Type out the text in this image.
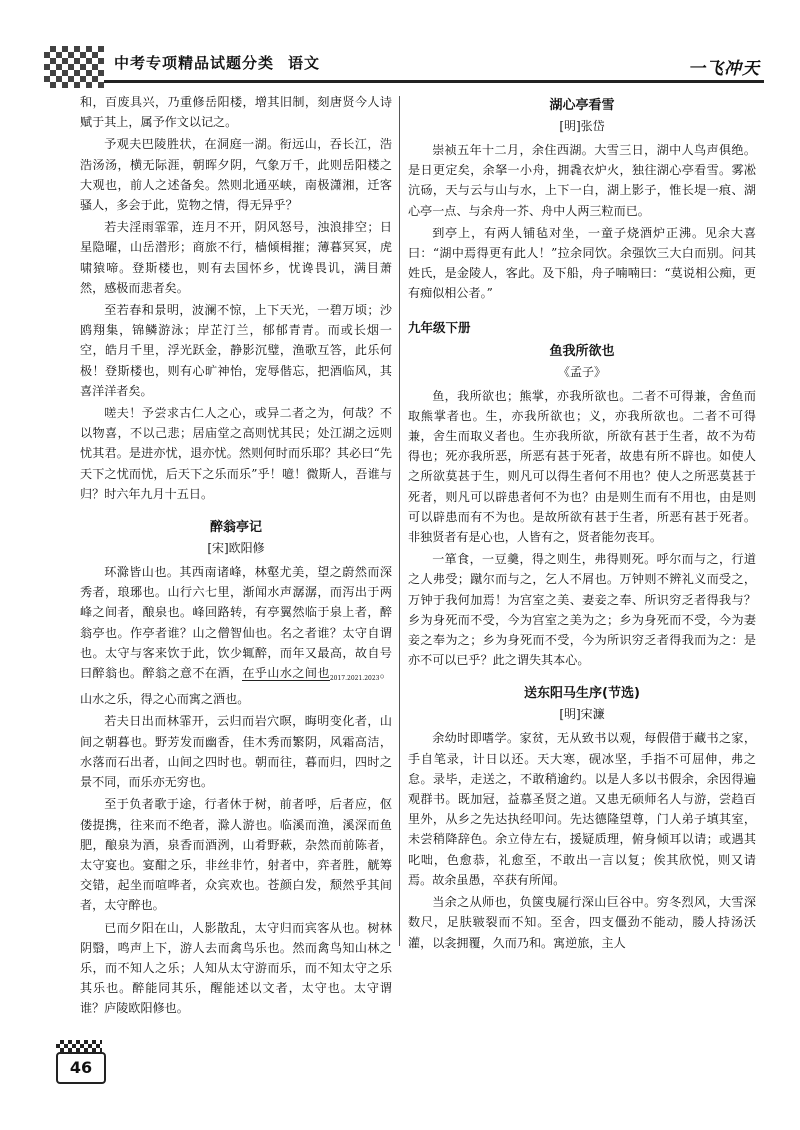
中考专项精品试题分类 语文	一飞冲天

和，百废具兴，乃重修岳阳楼，增其旧制，刻唐贤今人诗赋于其上，属予作文以记之。

予观夫巴陵胜状，在洞庭一湖。衔远山，吞长江，浩浩汤汤，横无际涯，朝晖夕阴，气象万千，此则岳阳楼之大观也，前人之述备矣。然则北通巫峡，南极潇湘，迁客骚人，多会于此，览物之情，得无异乎？

若夫淫雨霏霏，连月不开，阴风怒号，浊浪排空；日星隐曜，山岳潜形；商旅不行，樯倾楫摧；薄暮冥冥，虎啸猿啼。登斯楼也，则有去国怀乡，忧谗畏讥，满目萧然，感极而悲者矣。

至若春和景明，波澜不惊，上下天光，一碧万顷；沙鸥翔集，锦鳞游泳；岸芷汀兰，郁郁青青。而或长烟一空，皓月千里，浮光跃金，静影沉璧，渔歌互答，此乐何极！登斯楼也，则有心旷神怡，宠辱偕忘，把酒临风，其喜洋洋者矣。

嗟夫！予尝求古仁人之心，或异二者之为，何哉？不以物喜，不以己悲；居庙堂之高则忧其民；处江湖之远则忧其君。是进亦忧，退亦忧。然则何时而乐耶？其必曰“先天下之忧而忧，后天下之乐而乐”乎！噫！微斯人，吾谁与归？时六年九月十五日。

醉翁亭记
[宋]欧阳修

环滁皆山也。其西南诸峰，林壑尤美，望之蔚然而深秀者，琅琊也。山行六七里，渐闻水声潺潺，而泻出于两峰之间者，酿泉也。峰回路转，有亭翼然临于泉上者，醉翁亭也。作亭者谁？山之僧智仙也。名之者谁？太守自谓也。太守与客来饮于此，饮少辄醉，而年又最高，故自号曰醉翁也。醉翁之意不在酒，在乎山水之间也$^{2017.2021.2023}$。山水之乐，得之心而寓之酒也。

若夫日出而林霏开，云归而岩穴暝，晦明变化者，山间之朝暮也。野芳发而幽香，佳木秀而繁阴，风霜高洁，水落而石出者，山间之四时也。朝而往，暮而归，四时之景不同，而乐亦无穷也。

至于负者歌于途，行者休于树，前者呼，后者应，伛偻提携，往来而不绝者，滁人游也。临溪而渔，溪深而鱼肥，酿泉为酒，泉香而酒洌，山肴野蔌，杂然而前陈者，太守宴也。宴酣之乐，非丝非竹，射者中，弈者胜，觥筹交错，起坐而喧哗者，众宾欢也。苍颜白发，颓然乎其间者，太守醉也。

已而夕阳在山，人影散乱，太守归而宾客从也。树林阴翳，鸣声上下，游人去而禽鸟乐也。然而禽鸟知山林之乐，而不知人之乐；人知从太守游而乐，而不知太守之乐其乐也。醉能同其乐，醒能述以文者，太守也。太守谓谁？庐陵欧阳修也。

湖心亭看雪
[明]张岱

崇祯五年十二月，余住西湖。大雪三日，湖中人鸟声俱绝。是日更定矣，余拏一小舟，拥毳衣炉火，独往湖心亭看雪。雾凇沆砀，天与云与山与水，上下一白，湖上影子，惟长堤一痕、湖心亭一点、与余舟一芥、舟中人两三粒而已。

到亭上，有两人铺毡对坐，一童子烧酒炉正沸。见余大喜曰：“湖中焉得更有此人！”拉余同饮。余强饮三大白而别。问其姓氏，是金陵人，客此。及下船，舟子喃喃曰：“莫说相公痴，更有痴似相公者。”

九年级下册
鱼我所欲也
《孟子》

鱼，我所欲也；熊掌，亦我所欲也。二者不可得兼，舍鱼而取熊掌者也。生，亦我所欲也；义，亦我所欲也。二者不可得兼，舍生而取义者也。生亦我所欲，所欲有甚于生者，故不为苟得也；死亦我所恶，所恶有甚于死者，故患有所不辟也。如使人之所欲莫甚于生，则凡可以得生者何不用也？使人之所恶莫甚于死者，则凡可以辟患者何不为也？由是则生而有不用也，由是则可以辟患而有不为也。是故所欲有甚于生者，所恶有甚于死者。非独贤者有是心也，人皆有之，贤者能勿丧耳。

一箪食，一豆羹，得之则生，弗得则死。呼尔而与之，行道之人弗受；蹴尔而与之，乞人不屑也。万钟则不辨礼义而受之，万钟于我何加焉！为宫室之美、妻妾之奉、所识穷乏者得我与？乡为身死而不受，今为宫室之美为之；乡为身死而不受，今为妻妾之奉为之；乡为身死而不受，今为所识穷乏者得我而为之：是亦不可以已乎？此之谓失其本心。

送东阳马生序(节选)
[明]宋濂

余幼时即嗜学。家贫，无从致书以观，每假借于藏书之家，手自笔录，计日以还。天大寒，砚冰坚，手指不可屈伸，弗之怠。录毕，走送之，不敢稍逾约。以是人多以书假余，余因得遍观群书。既加冠，益慕圣贤之道。又患无硕师名人与游，尝趋百里外，从乡之先达执经叩问。先达德隆望尊，门人弟子填其室，未尝稍降辞色。余立侍左右，援疑质理，俯身倾耳以请；或遇其叱咄，色愈恭，礼愈至，不敢出一言以复；俟其欣悦，则又请焉。故余虽愚，卒获有所闻。

当余之从师也，负箧曳屣行深山巨谷中。穷冬烈风，大雪深数尺，足肤皲裂而不知。至舍，四支僵劲不能动，媵人持汤沃灌，以衾拥覆，久而乃和。寓逆旅，主人

46
